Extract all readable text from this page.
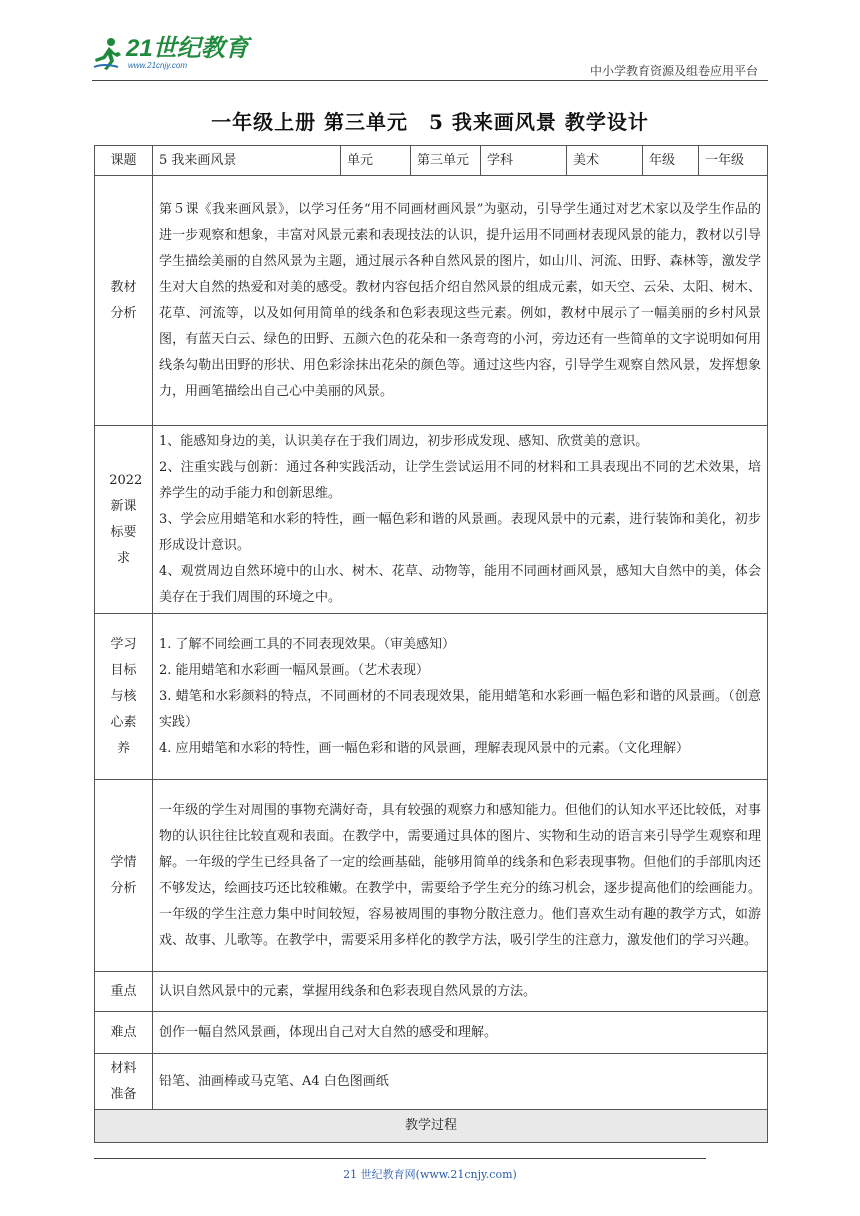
21世纪教育
www.21cnjy.com	中小学教育资源及组卷应用平台
一年级上册 第三单元　5 我来画风景 教学设计
课题	5 我来画风景	单元	第三单元	学科	美术	年级	一年级

教材分析	第５课《我来画风景》，以学习任务“用不同画材画风景”为驱动，引导学生通过对艺术家以及学生作品的进一步观察和想象，丰富对风景元素和表现技法的认识，提升运用不同画材表现风景的能力，教材以引导学生描绘美丽的自然风景为主题，通过展示各种自然风景的图片，如山川、河流、田野、森林等，激发学生对大自然的热爱和对美的感受。教材内容包括介绍自然风景的组成元素，如天空、云朵、太阳、树木、花草、河流等，以及如何用简单的线条和色彩表现这些元素。例如，教材中展示了一幅美丽的乡村风景图，有蓝天白云、绿色的田野、五颜六色的花朵和一条弯弯的小河，旁边还有一些简单的文字说明如何用线条勾勒出田野的形状、用色彩涂抹出花朵的颜色等。通过这些内容，引导学生观察自然风景，发挥想象力，用画笔描绘出自己心中美丽的风景。						

2022新课标要求	1、能感知身边的美，认识美存在于我们周边，初步形成发现、感知、欣赏美的意识。

2、注重实践与创新：通过各种实践活动，让学生尝试运用不同的材料和工具表现出不同的艺术效果，培养学生的动手能力和创新思维。

3、学会应用蜡笔和水彩的特性，画一幅色彩和谐的风景画。表现风景中的元素，进行装饰和美化，初步形成设计意识。

4、观赏周边自然环境中的山水、树木、花草、动物等，能用不同画材画风景，感知大自然中的美，体会美存在于我们周围的环境之中。						

学习目标与核心素养	1. 了解不同绘画工具的不同表现效果。（审美感知）

2. 能用蜡笔和水彩画一幅风景画。（艺术表现）

3. 蜡笔和水彩颜料的特点，不同画材的不同表现效果，能用蜡笔和水彩画一幅色彩和谐的风景画。（创意实践）

4. 应用蜡笔和水彩的特性，画一幅色彩和谐的风景画，理解表现风景中的元素。（文化理解）						

学情分析	一年级的学生对周围的事物充满好奇，具有较强的观察力和感知能力。但他们的认知水平还比较低，对事物的认识往往比较直观和表面。在教学中，需要通过具体的图片、实物和生动的语言来引导学生观察和理解。一年级的学生已经具备了一定的绘画基础，能够用简单的线条和色彩表现事物。但他们的手部肌肉还不够发达，绘画技巧还比较稚嫩。在教学中，需要给予学生充分的练习机会，逐步提高他们的绘画能力。一年级的学生注意力集中时间较短，容易被周围的事物分散注意力。他们喜欢生动有趣的教学方式，如游戏、故事、儿歌等。在教学中，需要采用多样化的教学方法，吸引学生的注意力，激发他们的学习兴趣。						

重点	认识自然风景中的元素，掌握用线条和色彩表现自然风景的方法。						
难点	创作一幅自然风景画，体现出自己对大自然的感受和理解。						

材料准备	铅笔、油画棒或马克笔、A4 白色图画纸						
教学过程							
21 世纪教育网(www.21cnjy.com)
